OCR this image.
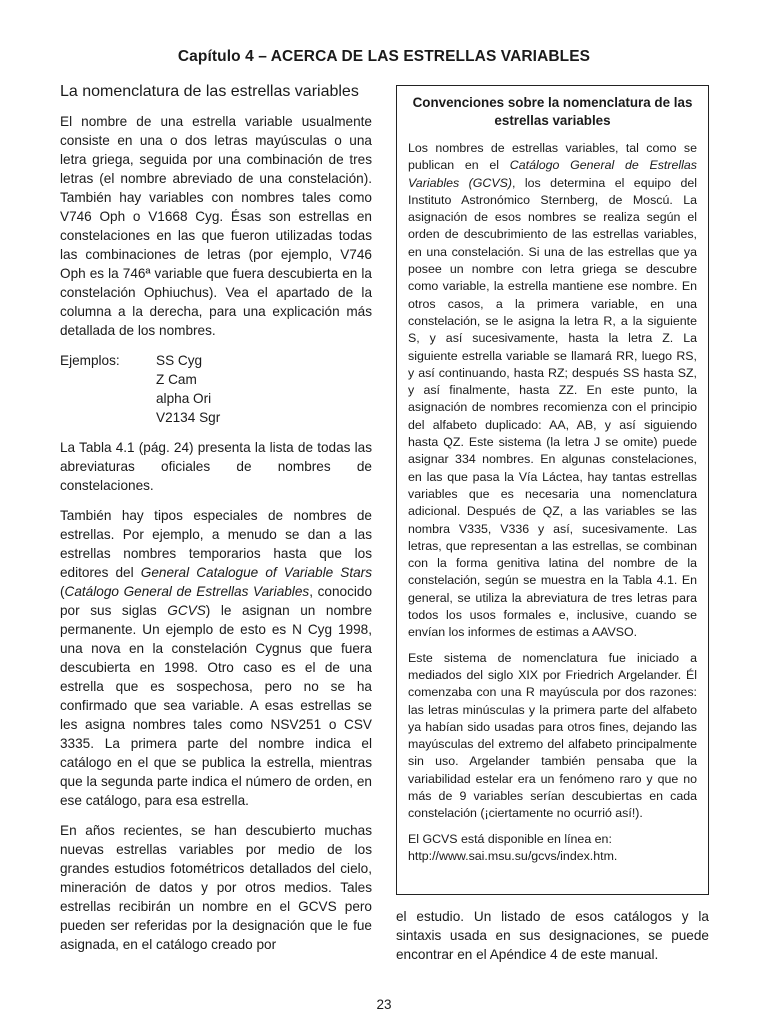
Capítulo 4 – ACERCA DE LAS ESTRELLAS VARIABLES
La nomenclatura de las estrellas variables

El nombre de una estrella variable usualmente consiste en una o dos letras mayúsculas o una letra griega, seguida por una combinación de tres letras (el nombre abreviado de una constelación). También hay variables con nombres tales como V746 Oph o V1668 Cyg. Ésas son estrellas en constelaciones en las que fueron utilizadas todas las combinaciones de letras (por ejemplo, V746 Oph es la 746ª variable que fuera descubierta en la constelación Ophiuchus). Vea el apartado de la columna a la derecha, para una explicación más detallada de los nombres.

Ejemplos:	SS Cyg
Z Cam
alpha Ori
V2134 Sgr

La Tabla 4.1 (pág. 24) presenta la lista de todas las abreviaturas oficiales de nombres de constelaciones.

También hay tipos especiales de nombres de estrellas. Por ejemplo, a menudo se dan a las estrellas nombres temporarios hasta que los editores del General Catalogue of Variable Stars (Catálogo General de Estrellas Variables, conocido por sus siglas GCVS) le asignan un nombre permanente. Un ejemplo de esto es N Cyg 1998, una nova en la constelación Cygnus que fuera descubierta en 1998. Otro caso es el de una estrella que es sospechosa, pero no se ha confirmado que sea variable. A esas estrellas se les asigna nombres tales como NSV251 o CSV 3335. La primera parte del nombre indica el catálogo en el que se publica la estrella, mientras que la segunda parte indica el número de orden, en ese catálogo, para esa estrella.

En años recientes, se han descubierto muchas nuevas estrellas variables por medio de los grandes estudios fotométricos detallados del cielo, mineración de datos y por otros medios. Tales estrellas recibirán un nombre en el GCVS pero pueden ser referidas por la designación que le fue asignada, en el catálogo creado por

Convenciones sobre la nomenclatura de las estrellas variables

Los nombres de estrellas variables, tal como se publican en el Catálogo General de Estrellas Variables (GCVS), los determina el equipo del Instituto Astronómico Sternberg, de Moscú. La asignación de esos nombres se realiza según el orden de descubrimiento de las estrellas variables, en una constelación. Si una de las estrellas que ya posee un nombre con letra griega se descubre como variable, la estrella mantiene ese nombre. En otros casos, a la primera variable, en una constelación, se le asigna la letra R, a la siguiente S, y así sucesivamente, hasta la letra Z. La siguiente estrella variable se llamará RR, luego RS, y así continuando, hasta RZ; después SS hasta SZ, y así finalmente, hasta ZZ. En este punto, la asignación de nombres recomienza con el principio del alfabeto duplicado: AA, AB, y así siguiendo hasta QZ. Este sistema (la letra J se omite) puede asignar 334 nombres. En algunas constelaciones, en las que pasa la Vía Láctea, hay tantas estrellas variables que es necesaria una nomenclatura adicional. Después de QZ, a las variables se las nombra V335, V336 y así, sucesivamente. Las letras, que representan a las estrellas, se combinan con la forma genitiva latina del nombre de la constelación, según se muestra en la Tabla 4.1. En general, se utiliza la abreviatura de tres letras para todos los usos formales e, inclusive, cuando se envían los informes de estimas a AAVSO.

Este sistema de nomenclatura fue iniciado a mediados del siglo XIX por Friedrich Argelander. Él comenzaba con una R mayúscula por dos razones: las letras minúsculas y la primera parte del alfabeto ya habían sido usadas para otros fines, dejando las mayúsculas del extremo del alfabeto principalmente sin uso. Argelander también pensaba que la variabilidad estelar era un fenómeno raro y que no más de 9 variables serían descubiertas en cada constelación (¡ciertamente no ocurrió así!).

El GCVS está disponible en línea en:
http://www.sai.msu.su/gcvs/index.htm.

el estudio. Un listado de esos catálogos y la sintaxis usada en sus designaciones, se puede encontrar en el Apéndice 4 de este manual.

23
